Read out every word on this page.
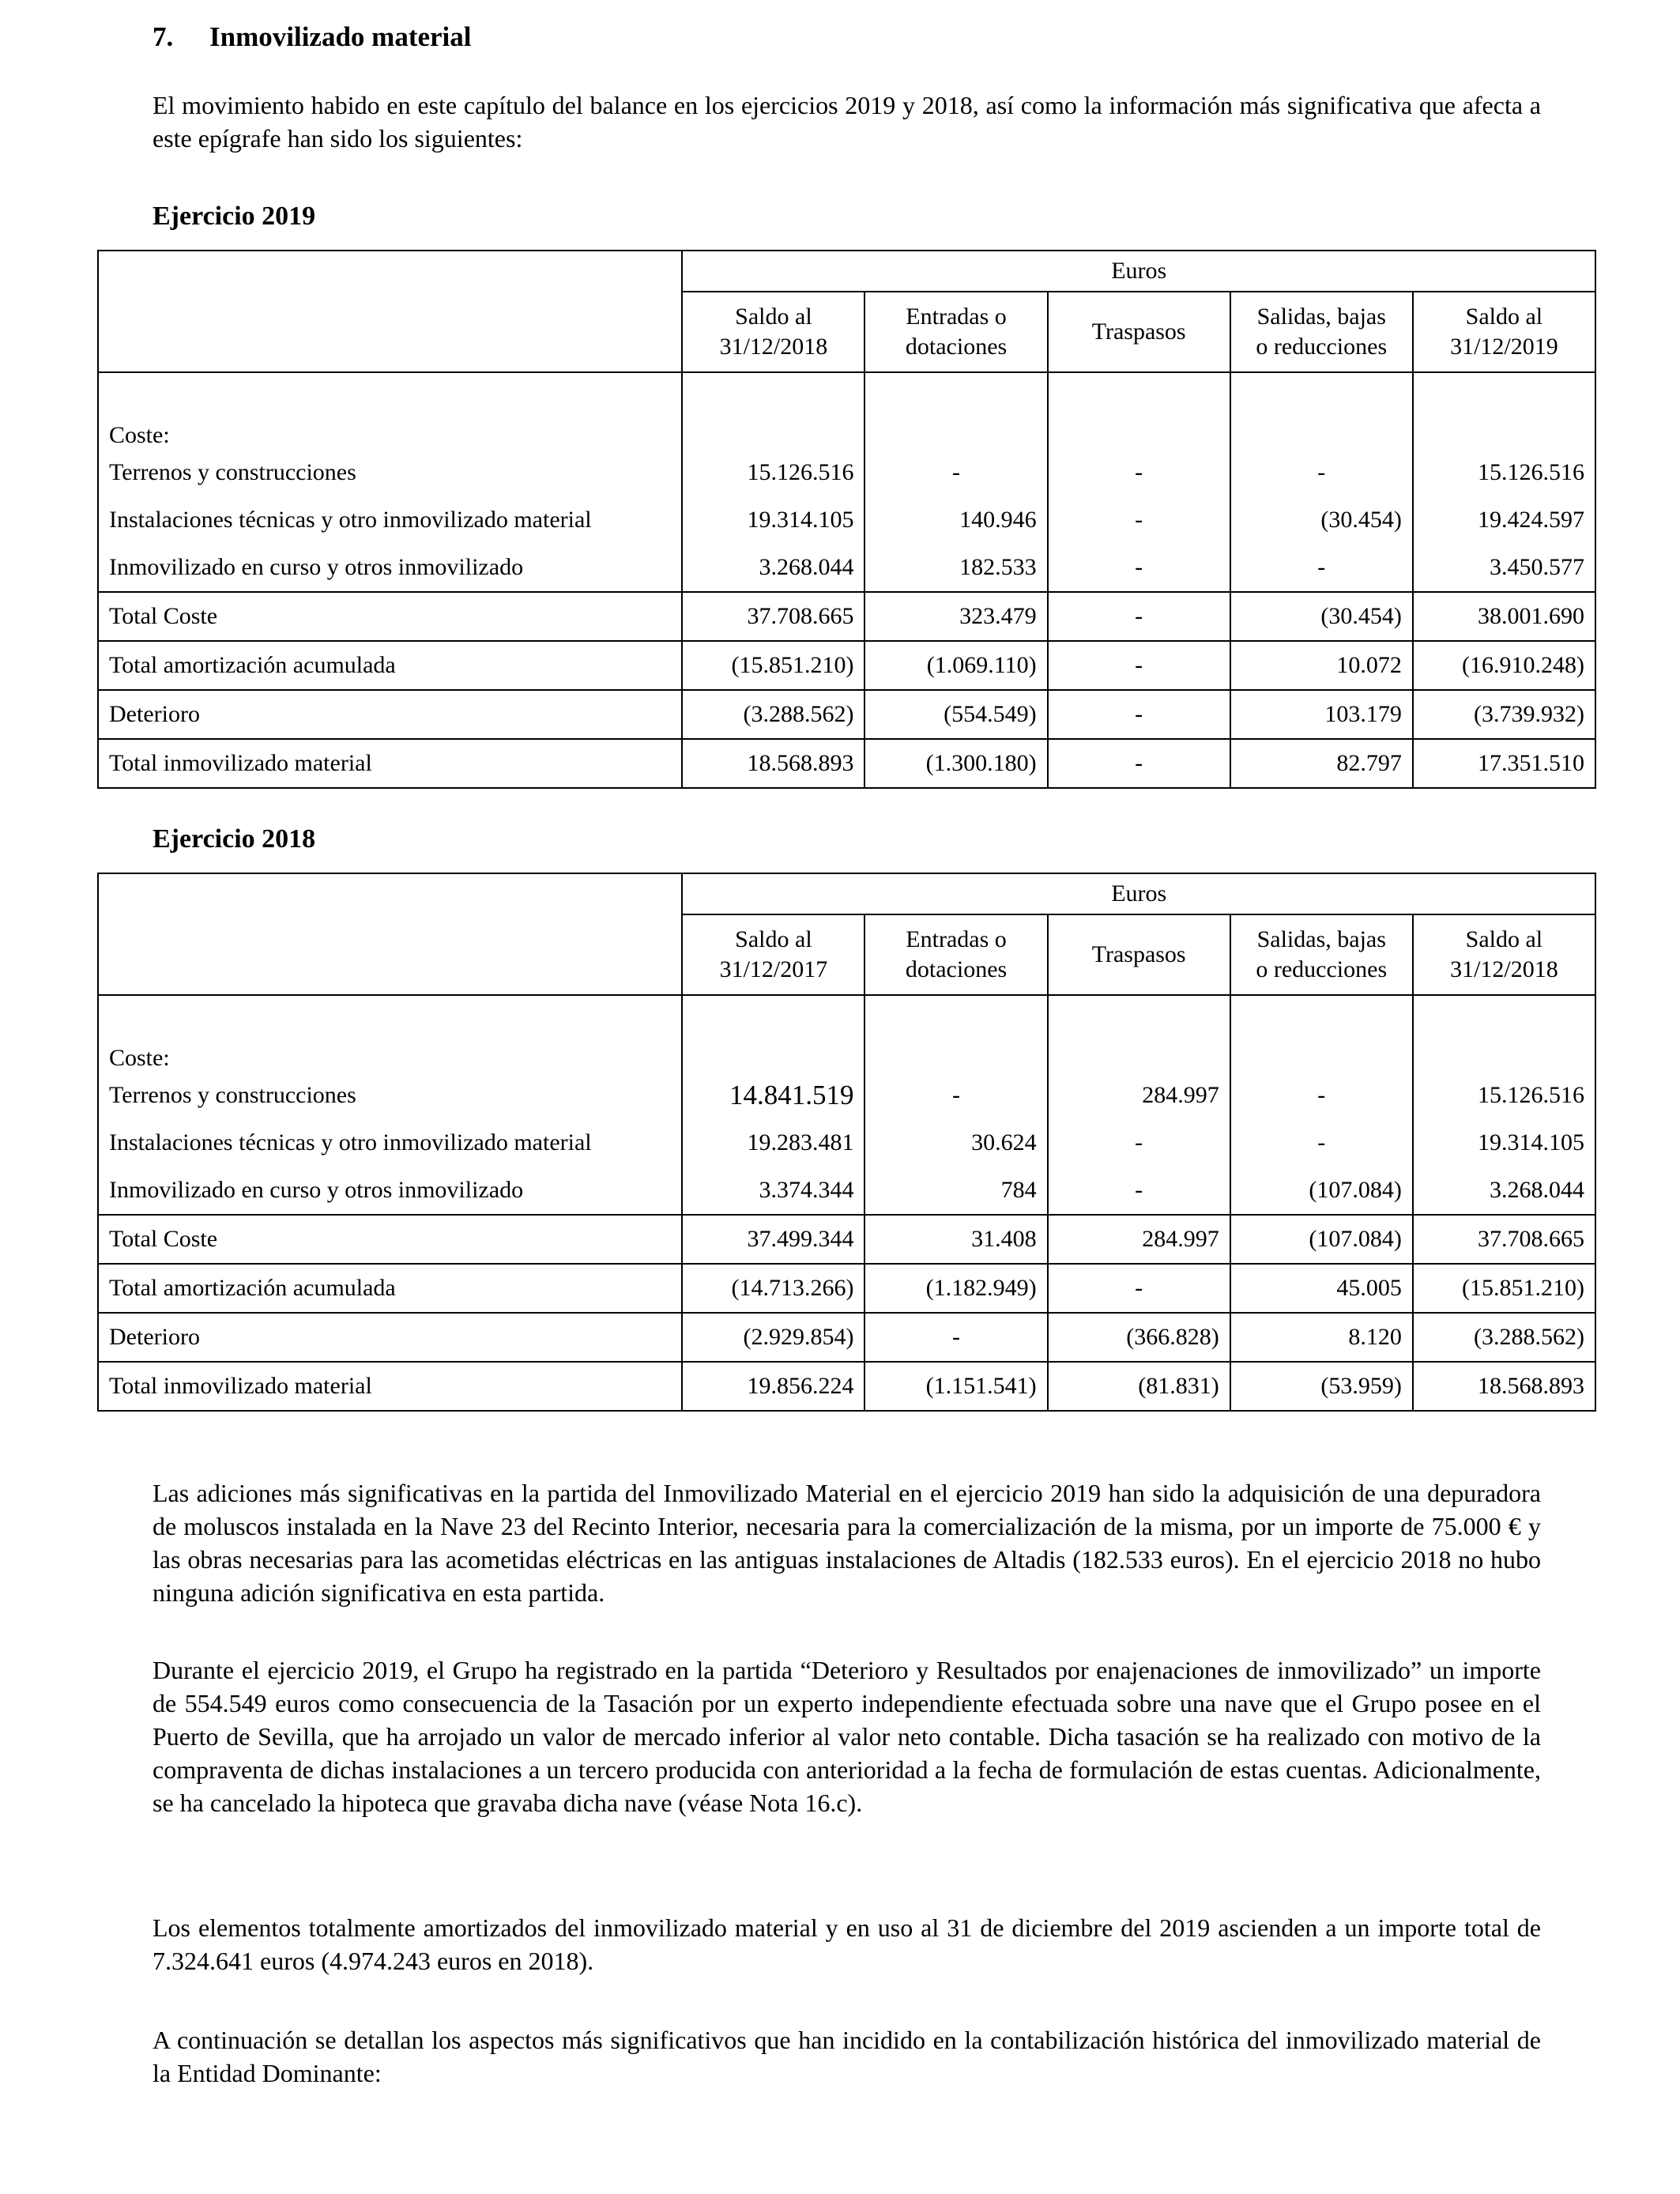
7. Inmovilizado material

El movimiento habido en este capítulo del balance en los ejercicios 2019 y 2018, así como la información más significativa que afecta a este epígrafe han sido los siguientes:

Ejercicio 2019
	Euros				
	Saldo al
31/12/2018	Entradas o
dotaciones	Traspasos	Salidas, bajas
o reducciones	Saldo al
31/12/2019

Coste:					
Terrenos y construcciones	15.126.516	-	-	-	15.126.516
Instalaciones técnicas y otro inmovilizado material	19.314.105	140.946	-	(30.454)	19.424.597
Inmovilizado en curso y otros inmovilizado	3.268.044	182.533	-	-	3.450.577
Total Coste	37.708.665	323.479	-	(30.454)	38.001.690
Total amortización acumulada	(15.851.210)	(1.069.110)	-	10.072	(16.910.248)
Deterioro	(3.288.562)	(554.549)	-	103.179	(3.739.932)
Total inmovilizado material	18.568.893	(1.300.180)	-	82.797	17.351.510
Ejercicio 2018
	Euros				
	Saldo al
31/12/2017	Entradas o
dotaciones	Traspasos	Salidas, bajas
o reducciones	Saldo al
31/12/2018

Coste:					
Terrenos y construcciones	14.841.519	-	284.997	-	15.126.516
Instalaciones técnicas y otro inmovilizado material	19.283.481	30.624	-	-	19.314.105
Inmovilizado en curso y otros inmovilizado	3.374.344	784	-	(107.084)	3.268.044
Total Coste	37.499.344	31.408	284.997	(107.084)	37.708.665
Total amortización acumulada	(14.713.266)	(1.182.949)	-	45.005	(15.851.210)
Deterioro	(2.929.854)	-	(366.828)	8.120	(3.288.562)
Total inmovilizado material	19.856.224	(1.151.541)	(81.831)	(53.959)	18.568.893

Las adiciones más significativas en la partida del Inmovilizado Material en el ejercicio 2019 han sido la adquisición de una depuradora de moluscos instalada en la Nave 23 del Recinto Interior, necesaria para la comercialización de la misma, por un importe de 75.000 € y las obras necesarias para las acometidas eléctricas en las antiguas instalaciones de Altadis (182.533 euros). En el ejercicio 2018 no hubo ninguna adición significativa en esta partida.

Durante el ejercicio 2019, el Grupo ha registrado en la partida “Deterioro y Resultados por enajenaciones de inmovilizado” un importe de 554.549 euros como consecuencia de la Tasación por un experto independiente efectuada sobre una nave que el Grupo posee en el Puerto de Sevilla, que ha arrojado un valor de mercado inferior al valor neto contable. Dicha tasación se ha realizado con motivo de la compraventa de dichas instalaciones a un tercero producida con anterioridad a la fecha de formulación de estas cuentas. Adicionalmente, se ha cancelado la hipoteca que gravaba dicha nave (véase Nota 16.c).

Los elementos totalmente amortizados del inmovilizado material y en uso al 31 de diciembre del 2019 ascienden a un importe total de 7.324.641 euros (4.974.243 euros en 2018).

A continuación se detallan los aspectos más significativos que han incidido en la contabilización histórica del inmovilizado material de la Entidad Dominante:
